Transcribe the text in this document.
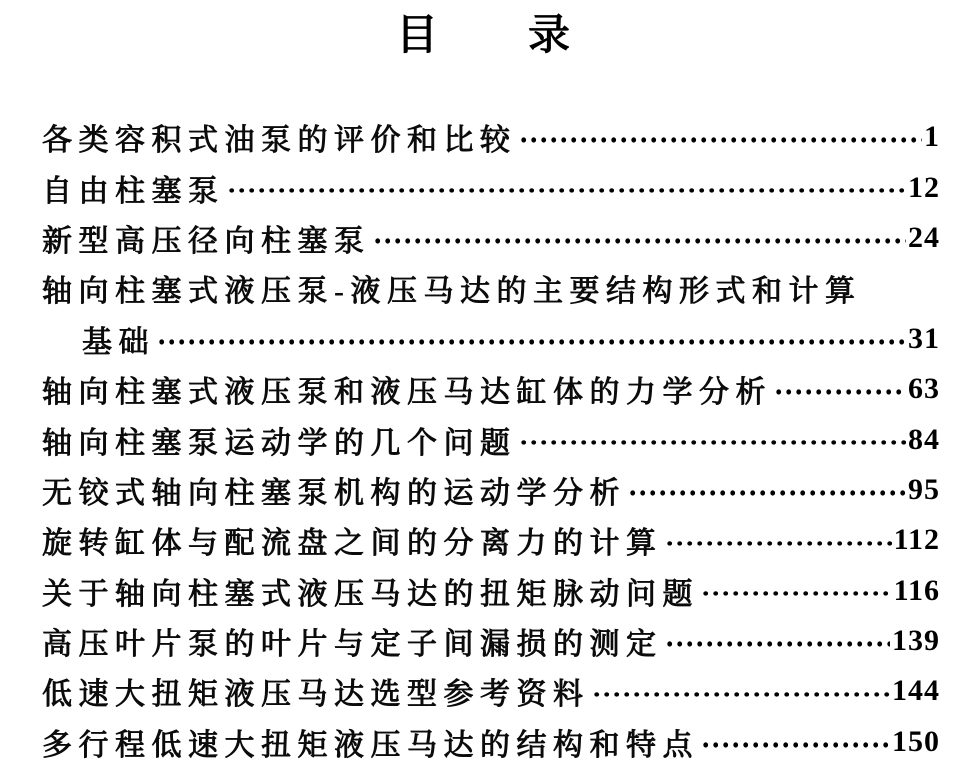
目　　录
各类容积式油泵的评价和比较	1
自由柱塞泵	12
新型高压径向柱塞泵	24
轴向柱塞式液压泵-液压马达的主要结构形式和计算
基础	31
轴向柱塞式液压泵和液压马达缸体的力学分析	63
轴向柱塞泵运动学的几个问题	84
无铰式轴向柱塞泵机构的运动学分析	95
旋转缸体与配流盘之间的分离力的计算	112
关于轴向柱塞式液压马达的扭矩脉动问题	116
高压叶片泵的叶片与定子间漏损的测定	139
低速大扭矩液压马达选型参考资料	144
多行程低速大扭矩液压马达的结构和特点	150
